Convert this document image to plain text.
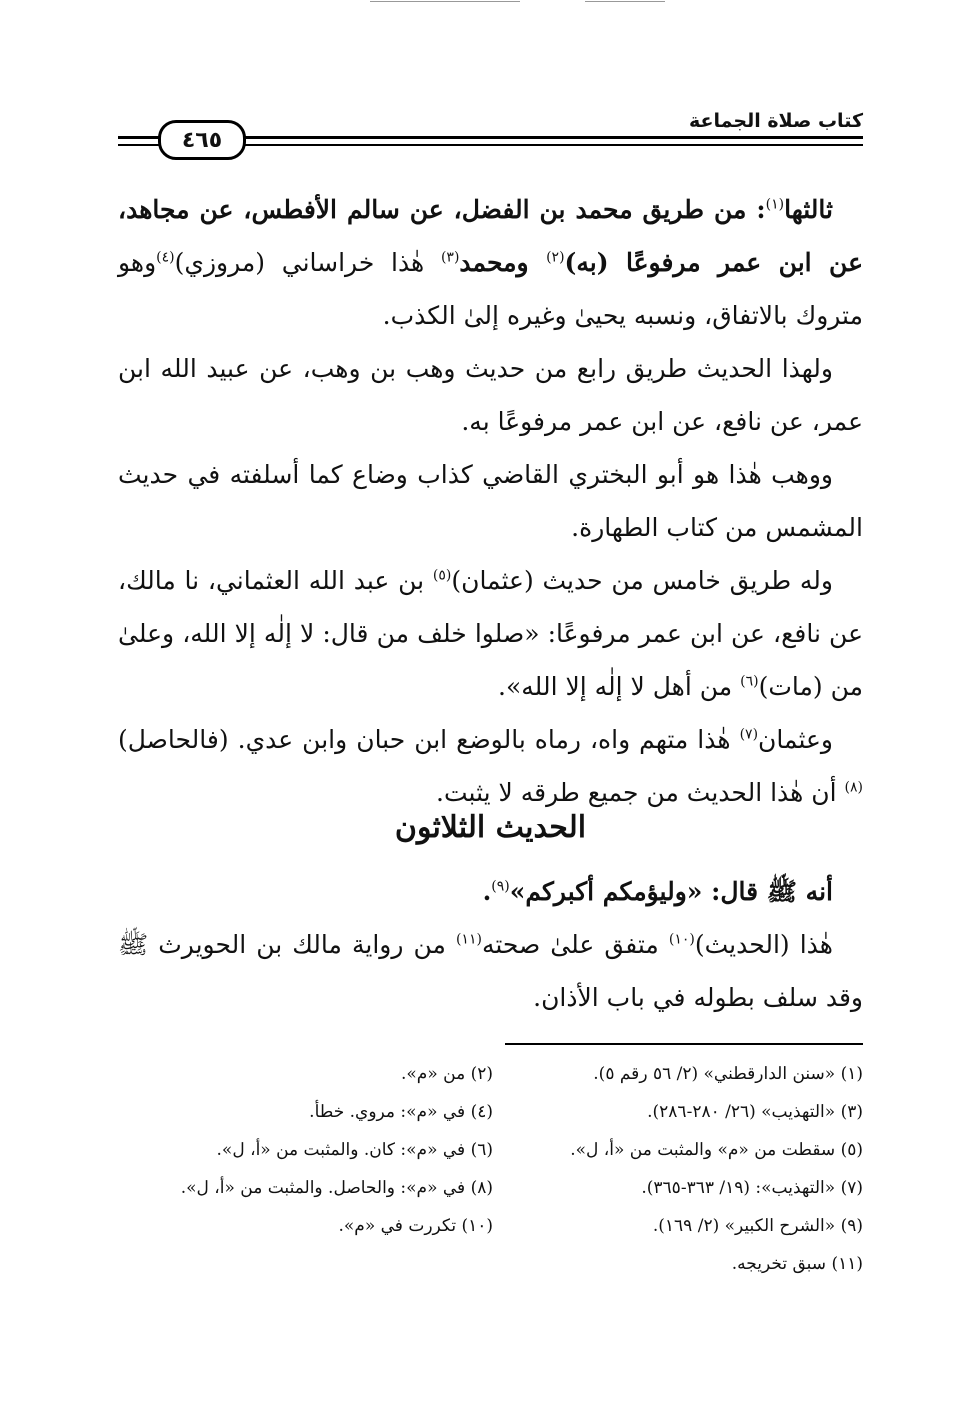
٤٦٥
كتاب صلاة الجماعة

ثالثها$^{(١)}$: من طريق محمد بن الفضل، عن سالم الأفطس، عن مجاهد، عن ابن عمر مرفوعًا (به)$^{(٢)}$ ومحمد$^{(٣)}$ هٰذا خراساني (مروزي)$^{(٤)}$وهو متروك بالاتفاق، ونسبه يحيىٰ وغيره إلىٰ الكذب.

ولهذا الحديث طريق رابع من حديث وهب بن وهب، عن عبيد الله ابن عمر، عن نافع، عن ابن عمر مرفوعًا به.

ووهب هٰذا هو أبو البختري القاضي كذاب وضاع كما أسلفته في حديث المشمس من كتاب الطهارة.

وله طريق خامس من حديث (عثمان)$^{(٥)}$ بن عبد الله العثماني، نا مالك، عن نافع، عن ابن عمر مرفوعًا: «صلوا خلف من قال: لا إلٰه إلا الله، وعلىٰ من (مات)$^{(٦)}$ من أهل لا إلٰه إلا الله».

وعثمان$^{(٧)}$ هٰذا متهم واه، رماه بالوضع ابن حبان وابن عدي. (فالحاصل)$^{(٨)}$ أن هٰذا الحديث من جميع طرقه لا يثبت.

الحديث الثلاثون

أنه ﷺ قال: «وليؤمكم أكبركم»$^{(٩)}$.

هٰذا (الحديث)$^{(١٠)}$ متفق علىٰ صحته$^{(١١)}$ من رواية مالك بن الحويرث ﷺ وقد سلف بطوله في باب الأذان.

(١) «سنن الدارقطني» (٢/ ٥٦ رقم ٥).
(٢) من «م».
(٣) «التهذيب» (٢٦/ ٢٨٠-٢٨٦).
(٤) في «م»: مروي. خطأ.
(٥) سقطت من «م» والمثبت من «أ، ل».
(٦) في «م»: كان. والمثبت من «أ، ل».
(٧) «التهذيب»: (١٩/ ٣٦٣-٣٦٥).
(٨) في «م»: والحاصل. والمثبت من «أ، ل».
(٩) «الشرح الكبير» (٢/ ١٦٩).
(١٠) تكررت في «م».
(١١) سبق تخريجه.
